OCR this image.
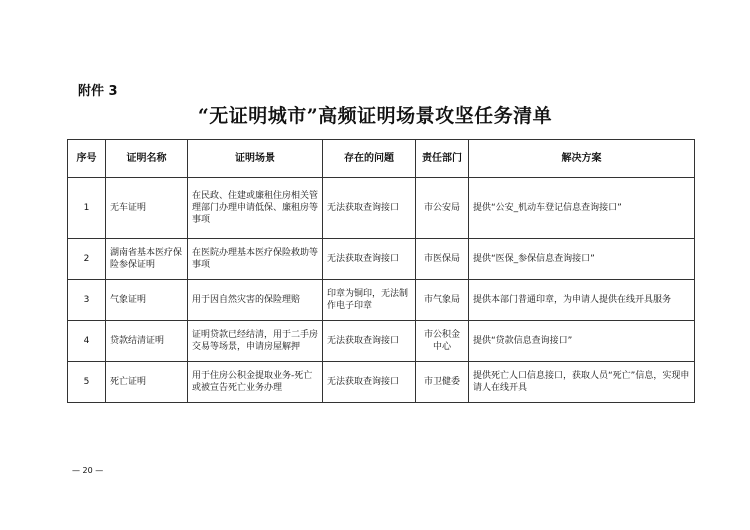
附件 3
“无证明城市”高频证明场景攻坚任务清单
序号	证明名称	证明场景	存在的问题	责任部门	解决方案
1	无车证明	在民政、住建或廉租住房相关管理部门办理申请低保、廉租房等事项	无法获取查询接口	市公安局	提供“公安_机动车登记信息查询接口”
2	湖南省基本医疗保险参保证明	在医院办理基本医疗保险救助等事项	无法获取查询接口	市医保局	提供“医保_参保信息查询接口”
3	气象证明	用于因自然灾害的保险理赔	印章为铜印，无法制作电子印章	市气象局	提供本部门普通印章，为申请人提供在线开具服务
4	贷款结清证明	证明贷款已经结清，用于二手房交易等场景，申请房屋解押	无法获取查询接口	市公积金中心	提供“贷款信息查询接口”
5	死亡证明	用于住房公积金提取业务-死亡或被宣告死亡业务办理	无法获取查询接口	市卫健委	提供死亡人口信息接口，获取人员“死亡”信息，实现申请人在线开具
— 20 —
